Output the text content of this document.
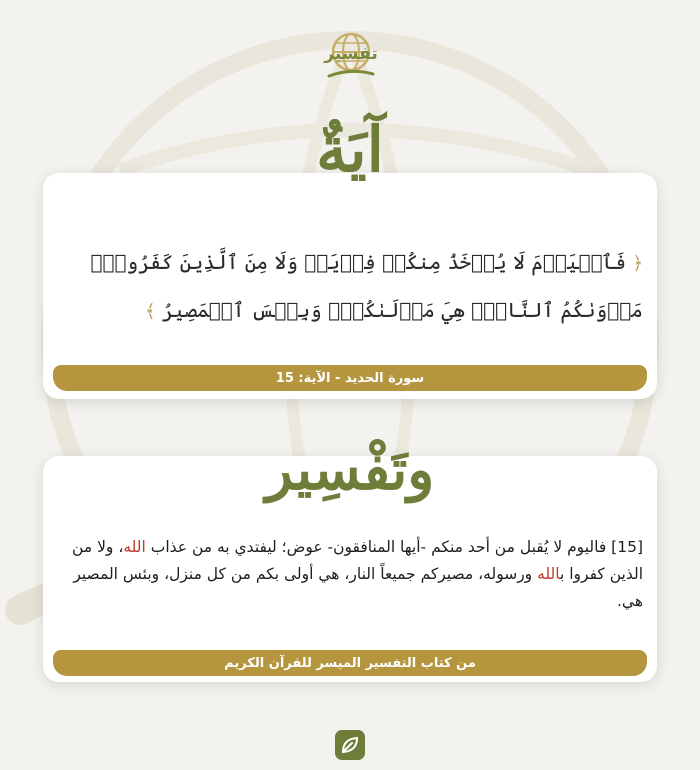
تفسير
آيَةٌ
﴿ فَٱلۡيَوۡمَ لَا يُؤۡخَذُ مِنكُمۡ فِدۡيَةٞ وَلَا مِنَ ٱلَّذِينَ كَفَرُواْۚ مَأۡوَىٰكُمُ ٱلنَّارُۖ هِيَ مَوۡلَىٰكُمۡۖ وَبِئۡسَ ٱلۡمَصِيرُ ﴾
سورة الحديد - الآية: 15
وتَفْسِير
[15] فاليوم لا يُقبل من أحد منكم -أيها المنافقون- عوض؛ ليفتدي به من عذاب الله، ولا من الذين كفروا بالله ورسوله، مصيركم جميعاً النار، هي أولى بكم من كل منزل، وبئس المصير هي.
من كتاب التفسير الميسر للقرآن الكريم
